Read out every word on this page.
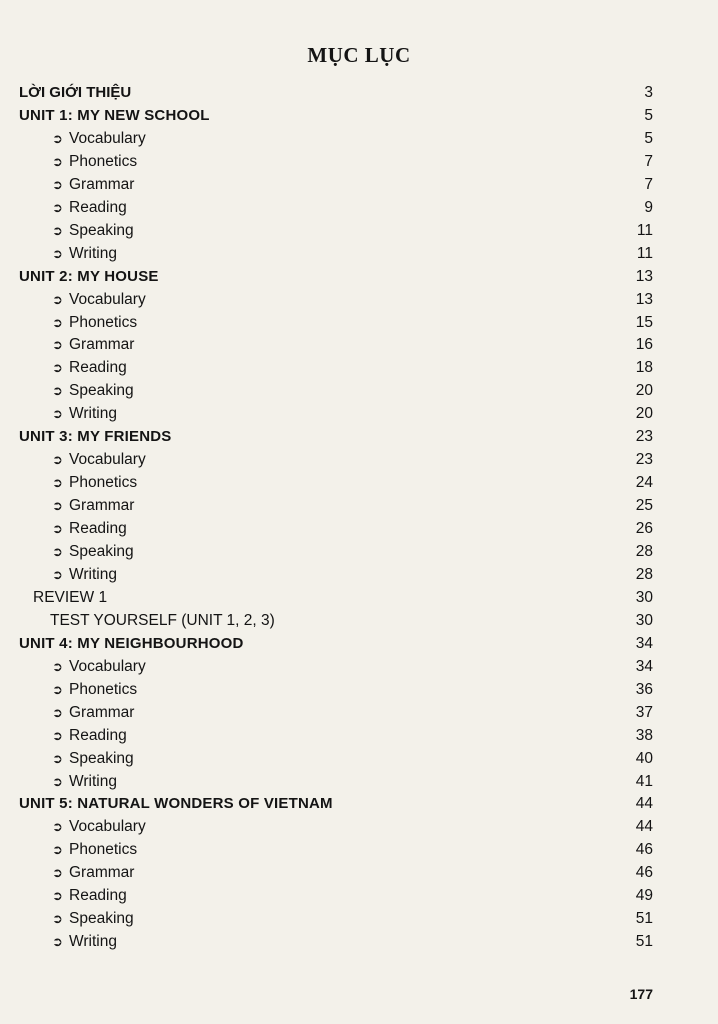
MỤC LỤC
LỜI GIỚI THIỆU	3
UNIT 1: MY NEW SCHOOL	5
➲ Vocabulary	5
➲ Phonetics	7
➲ Grammar	7
➲ Reading	9
➲ Speaking	11
➲ Writing	11
UNIT 2: MY HOUSE	13
➲ Vocabulary	13
➲ Phonetics	15
➲ Grammar	16
➲ Reading	18
➲ Speaking	20
➲ Writing	20
UNIT 3: MY FRIENDS	23
➲ Vocabulary	23
➲ Phonetics	24
➲ Grammar	25
➲ Reading	26
➲ Speaking	28
➲ Writing	28
REVIEW 1	30
TEST YOURSELF (UNIT 1, 2, 3)	30
UNIT 4: MY NEIGHBOURHOOD	34
➲ Vocabulary	34
➲ Phonetics	36
➲ Grammar	37
➲ Reading	38
➲ Speaking	40
➲ Writing	41
UNIT 5: NATURAL WONDERS OF VIETNAM	44
➲ Vocabulary	44
➲ Phonetics	46
➲ Grammar	46
➲ Reading	49
➲ Speaking	51
➲ Writing	51
177
